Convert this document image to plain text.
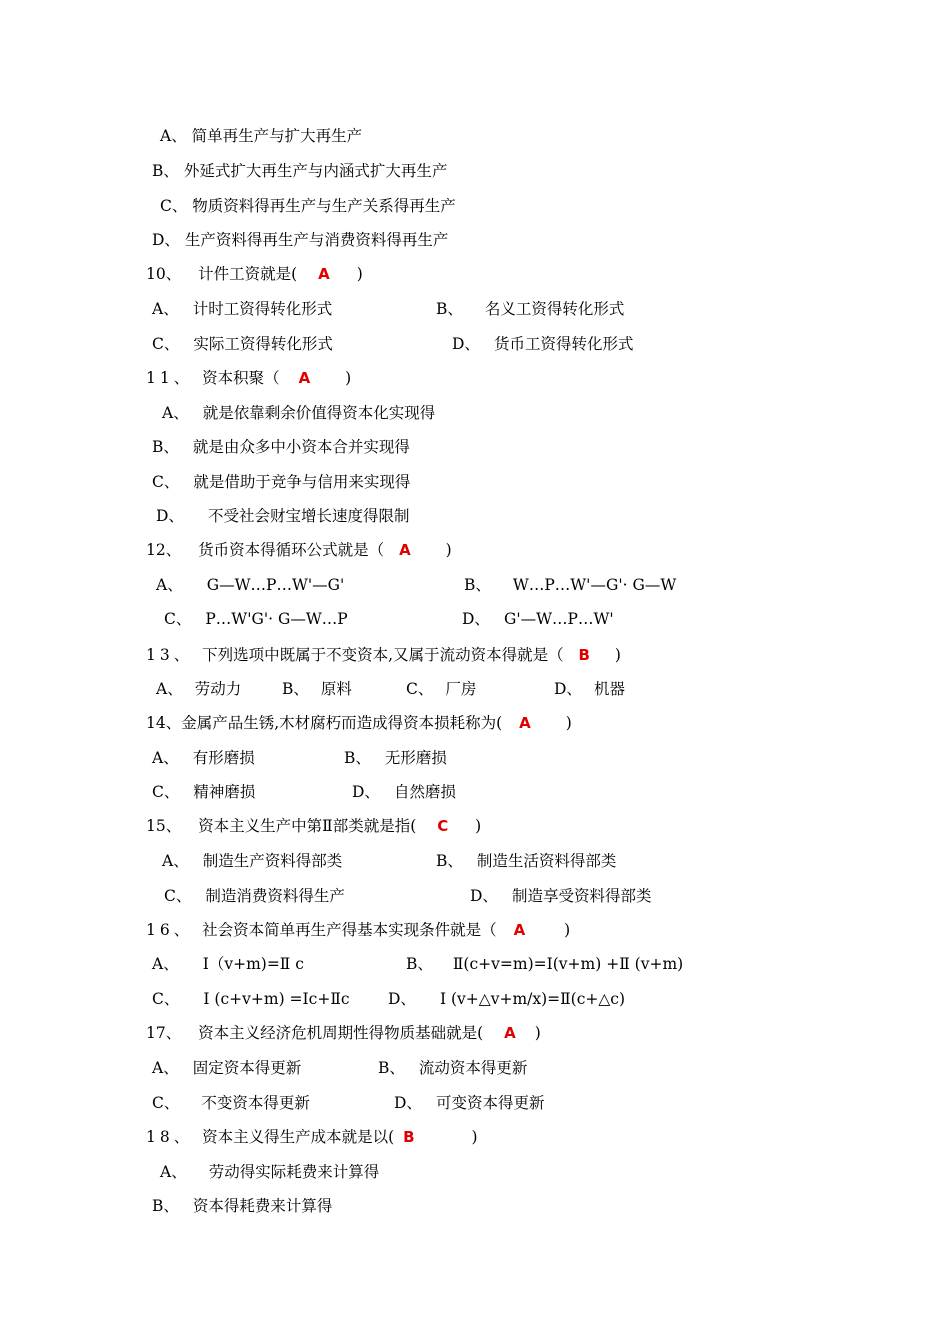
A、 简单再生产与扩大再生产
B、 外延式扩大再生产与内涵式扩大再生产
C、 物质资料得再生产与生产关系得再生产
D、 生产资料得再生产与消费资料得再生产
10、 计件工资就是( A )
A、 计时工资得转化形式	B、 名义工资得转化形式
C、 实际工资得转化形式	D、 货币工资得转化形式
11、 资本积聚（ A )
A、 就是依靠剩余价值得资本化实现得
B、 就是由众多中小资本合并实现得
C、 就是借助于竞争与信用来实现得
D、 不受社会财宝增长速度得限制
12、 货币资本得循环公式就是（ A )
A、 G—W…P…W'—G'	B、 W…P…W'—G'· G—W
C、 P…W'G'· G—W…P	D、 G'—W…P…W'
13、 下列选项中既属于不变资本,又属于流动资本得就是（ B )
A、 劳动力	B、 原料	C、 厂房	D、 机器
14、金属产品生锈,木材腐朽而造成得资本损耗称为( A )
A、 有形磨损	B、 无形磨损
C、 精神磨损	D、 自然磨损
15、 资本主义生产中第Ⅱ部类就是指( C )
A、 制造生产资料得部类	B、 制造生活资料得部类
C、 制造消费资料得生产	D、 制造享受资料得部类
16、 社会资本简单再生产得基本实现条件就是（ A	)
A、 Ⅰ（v+m)=Ⅱ c	B、 Ⅱ(c+v=m)=Ⅰ(v+m) +Ⅱ (v+m)
C、 Ⅰ (c+v+m) =Ⅰc+Ⅱc D、 Ⅰ (v+△v+m/x)=Ⅱ(c+△c)
17、 资本主义经济危机周期性得物质基础就是( A )
A、 固定资本得更新	B、 流动资本得更新
C、 不变资本得更新	D、 可变资本得更新
18、 资本主义得生产成本就是以( B	)
A、 劳动得实际耗费来计算得
B、 资本得耗费来计算得
